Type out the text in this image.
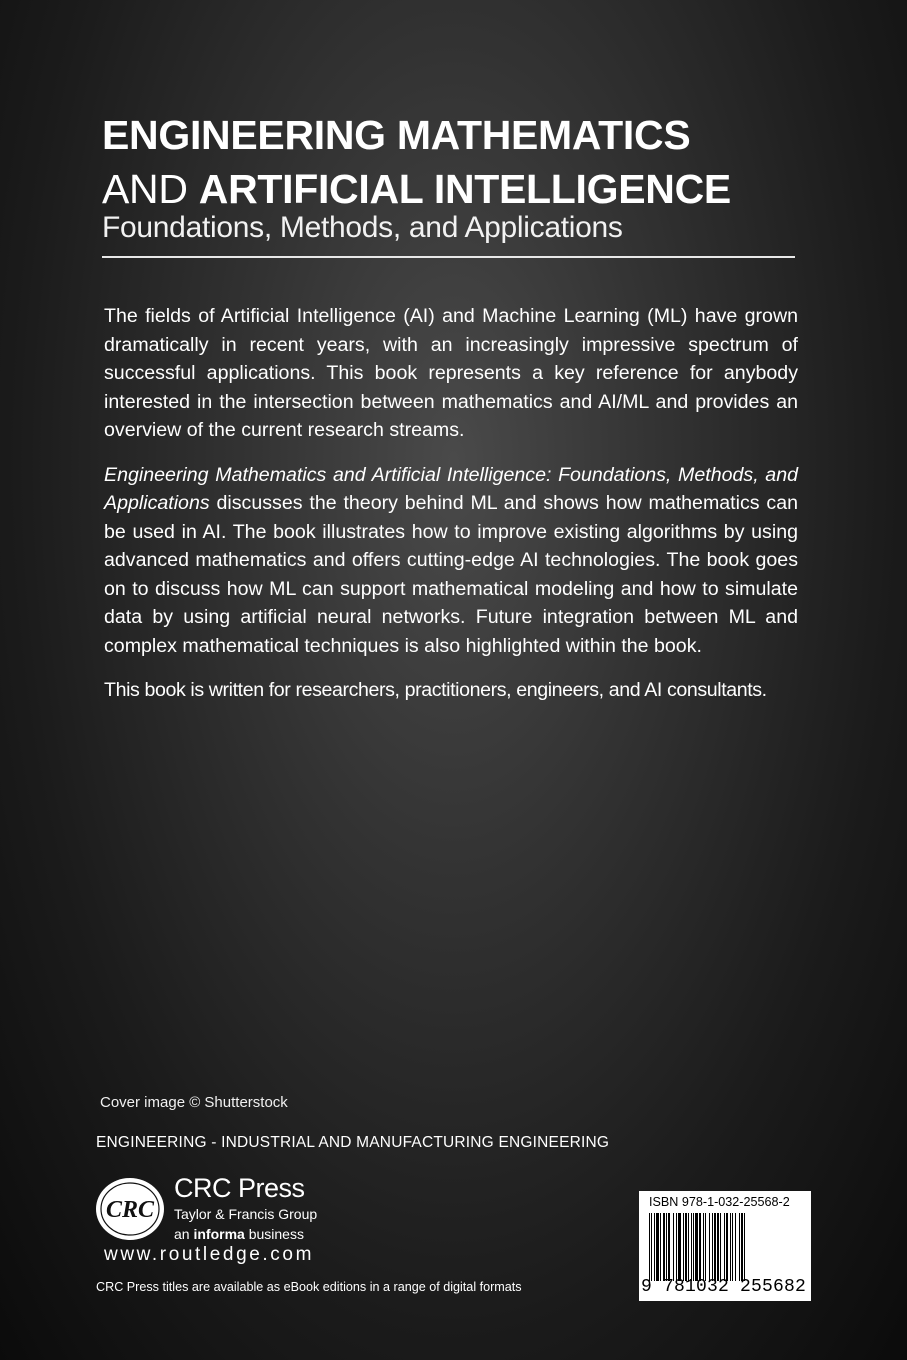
ENGINEERING MATHEMATICS
AND ARTIFICIAL INTELLIGENCE
Foundations, Methods, and Applications

The fields of Artificial Intelligence (AI) and Machine Learning (ML) have grown dramatically in recent years, with an increasingly impressive spectrum of successful applications. This book represents a key reference for anybody interested in the intersection between mathematics and AI/ML and provides an overview of the current research streams.

Engineering Mathematics and Artificial Intelligence: Foundations, Methods, and Applications discusses the theory behind ML and shows how mathematics can be used in AI. The book illustrates how to improve existing algorithms by using advanced mathematics and offers cutting-edge AI technologies. The book goes on to discuss how ML can support mathematical modeling and how to simulate data by using artificial neural networks. Future integration between ML and complex mathematical techniques is also highlighted within the book.

This book is written for researchers, practitioners, engineers, and AI consultants.

Cover image © Shutterstock
ENGINEERING - INDUSTRIAL AND MANUFACTURING ENGINEERING
CRC
CRC Press
Taylor & Francis Group
an informa business
www.routledge.com
CRC Press titles are available as eBook editions in a range of digital formats
ISBN 978-1-032-25568-2
9 781032 255682
